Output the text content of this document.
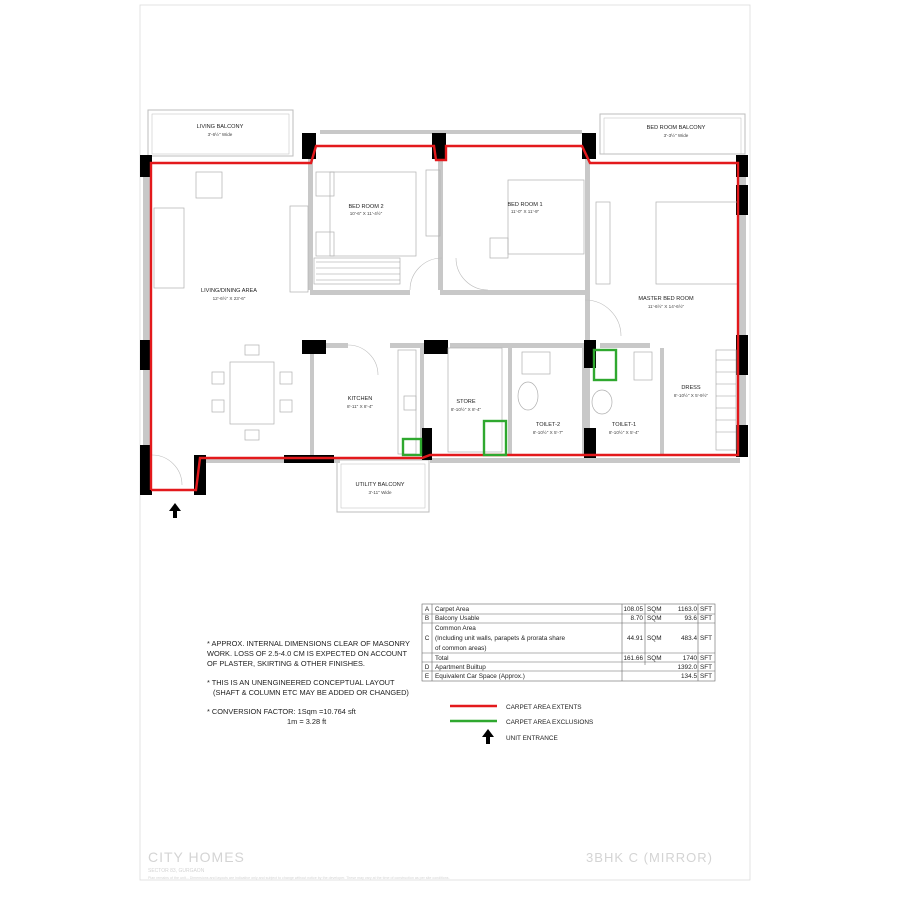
LIVING BALCONY
3'-6½" Wide
BED ROOM BALCONY
3'-3½" Wide
BED ROOM 2
10'-6" X 11'-4½"
BED ROOM 1
11'-0" X 11'-9"
LIVING/DINING AREA
12'-6½" X 23'-6"	MASTER BED ROOM
11'-6½" X 14'-6½"
KITCHEN
8'-11" X 8'-4"
STORE
8'-10½" X 8'-4"
DRESS
8'-10½" X 5'-9½"
TOILET-2
8'-10½" X 5'-7"
TOILET-1
8'-10½" X 5'-4"
UTILITY BALCONY
3'-11" Wide
A Carpet Area	108.05 SQM	1163.0 SFT
B Balcony Usable	8.70 SQM	93.6 SFT
C
Common Area
(Including unit walls, parapets & prorata share
of common areas)
44.91 SQM	483.4 SFT
Total	161.66 SQM	1740 SFT
D Apartment Builtup	1392.0 SFT
E Equivalent Car Space (Approx.)	134.5 SFT
* APPROX. INTERNAL DIMENSIONS CLEAR OF MASONRY
WORK. LOSS OF 2.5-4.0 CM IS EXPECTED ON ACCOUNT
OF PLASTER, SKIRTING & OTHER FINISHES.
* THIS IS AN UNENGINEERED CONCEPTUAL LAYOUT
(SHAFT & COLUMN ETC MAY BE ADDED OR CHANGED)
* CONVERSION FACTOR: 1Sqm =10.764 sft
1m = 3.28 ft
CARPET AREA EXTENTS
CARPET AREA EXCLUSIONS
UNIT ENTRANCE
CITY HOMES
SECTOR 83, GURGAON
3BHK C (MIRROR)
Plan remains of the unit... Dimensions and layouts are indicative only and subject to change without notice by the developer. These may vary at the time of construction as per site conditions.
